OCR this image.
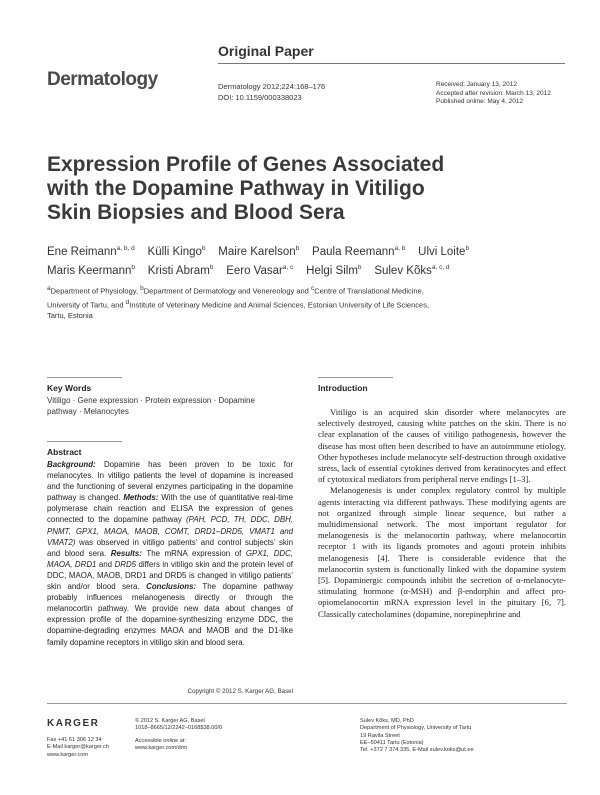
Original Paper
Dermatology	Dermatology 2012;224:168–176
DOI: 10.1159/000338023
Received: January 13, 2012
Accepted after revision: March 13, 2012
Published online: May 4, 2012
Expression Profile of Genes Associated
with the Dopamine Pathway in Vitiligo
Skin Biopsies and Blood Sera
Ene Reimann$^{a, b, d}$ Külli Kingo$^b$ Maire Karelson$^b$ Paula Reemann$^{a, b}$ Ulvi Loite$^b$
Maris Keermann$^b$ Kristi Abram$^b$ Eero Vasar$^{a, c}$ Helgi Silm$^b$ Sulev Kõks$^{a, c, d}$
$^a$Department of Physiology, $^b$Department of Dermatology and Venereology and $^c$Centre of Translational Medicine,
University of Tartu, and $^d$Institute of Veterinary Medicine and Animal Sciences, Estonian University of Life Sciences,
Tartu, Estonia
Key Words
Vitiligo · Gene expression · Protein expression · Dopamine
pathway · Melanocytes
Abstract
Background: Dopamine has been proven to be toxic for melanocytes. In vitiligo patients the level of dopamine is increased and the functioning of several enzymes participating in the dopamine pathway is changed. Methods: With the use of quantitative real-time polymerase chain reaction and ELISA the expression of genes connected to the dopamine pathway (PAH, PCD, TH, DDC, DBH, PNMT, GPX1, MAOA, MAOB, COMT, DRD1–DRD5, VMAT1 and VMAT2) was observed in vitiligo patients’ and control subjects’ skin and blood sera. Results: The mRNA expression of GPX1, DDC, MAOA, DRD1 and DRD5 differs in vitiligo skin and the protein level of DDC, MAOA, MAOB, DRD1 and DRD5 is changed in vitiligo patients’ skin and/or blood sera. Conclusions: The dopamine pathway probably influences melanogenesis directly or through the melanocortin pathway. We provide new data about changes of expression profile of the dopamine-synthesizing enzyme DDC, the dopamine-degrading enzymes MAOA and MAOB and the D1-like family dopamine receptors in vitiligo skin and blood sera.
Copyright © 2012 S. Karger AG, Basel
Introduction

Vitiligo is an acquired skin disorder where melanocytes are selectively destroyed, causing white patches on the skin. There is no clear explanation of the causes of vitiligo pathogenesis, however the disease has most often been described to have an autoimmune etiology. Other hypotheses include melanocyte self-destruction through oxidative stress, lack of essential cytokines derived from keratinocytes and effect of cytotoxical mediators from peripheral nerve endings [1–3].

Melanogenesis is under complex regulatory control by multiple agents interacting via different pathways. These modifying agents are not organized through simple linear sequence, but rather a multidimensional network. The most important regulator for melanogenesis is the melanocortin pathway, where melanocortin receptor 1 with its ligands promotes and agouti protein inhibits melanogenesis [4]. There is considerable evidence that the melanocortin system is functionally linked with the dopamine system [5]. Dopaminergic compounds inhibit the secretion of α-melanocyte-stimulating hormone (α-MSH) and β-endorphin and affect pro-opiomelanocortin mRNA expression level in the pituitary [6, 7]. Classically catecholamines (dopamine, norepinephrine and

KARGER
Fax +41 61 306 12 34
E-Mail karger@karger.ch
www.karger.com
© 2012 S. Karger AG, Basel
1018–8665/12/2242–0168$38.00/0
Accessible online at:
www.karger.com/drm
Sulev Kõks, MD, PhD
Department of Physiology, University of Tartu
19 Ravila Street
EE–50411 Tartu (Estonia)
Tel. +372 7 374 335, E-Mail sulev.koks@ut.ee
